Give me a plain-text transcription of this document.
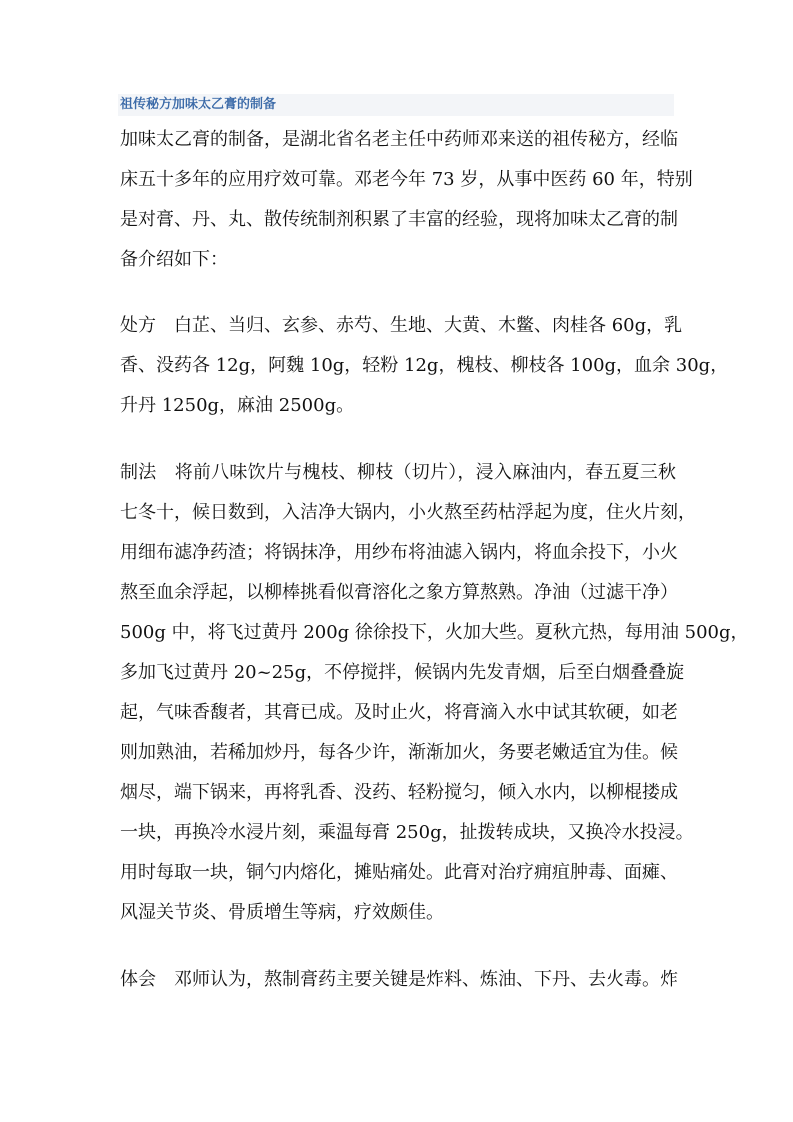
祖传秘方加味太乙膏的制备
加味太乙膏的制备，是湖北省名老主任中药师邓来送的祖传秘方，经临
床五十多年的应用疗效可靠。邓老今年 73 岁，从事中医药 60 年，特别
是对膏、丹、丸、散传统制剂积累了丰富的经验，现将加味太乙膏的制
备介绍如下：
处方　白芷、当归、玄参、赤芍、生地、大黄、木鳖、肉桂各 60g，乳
香、没药各 12g，阿魏 10g，轻粉 12g，槐枝、柳枝各 100g，血余 30g，
升丹 1250g，麻油 2500g。
制法　将前八味饮片与槐枝、柳枝（切片），浸入麻油内，春五夏三秋
七冬十，候日数到，入洁净大锅内，小火熬至药枯浮起为度，住火片刻，
用细布滤净药渣；将锅抹净，用纱布将油滤入锅内，将血余投下，小火
熬至血余浮起，以柳棒挑看似膏溶化之象方算熬熟。净油（过滤干净）
500g 中，将飞过黄丹 200g 徐徐投下，火加大些。夏秋亢热，每用油 500g，
多加飞过黄丹 20~25g，不停搅拌，候锅内先发青烟，后至白烟叠叠旋
起，气味香馥者，其膏已成。及时止火，将膏滴入水中试其软硬，如老
则加熟油，若稀加炒丹，每各少许，渐渐加火，务要老嫩适宜为佳。候
烟尽，端下锅来，再将乳香、没药、轻粉搅匀，倾入水内，以柳棍搂成
一块，再换冷水浸片刻，乘温每膏 250g，扯拨转成块，又换冷水投浸。
用时每取一块，铜勺内熔化，摊贴痛处。此膏对治疗痈疽肿毒、面瘫、
风湿关节炎、骨质增生等病，疗效颇佳。
体会　邓师认为，熬制膏药主要关键是炸料、炼油、下丹、去火毒。炸
